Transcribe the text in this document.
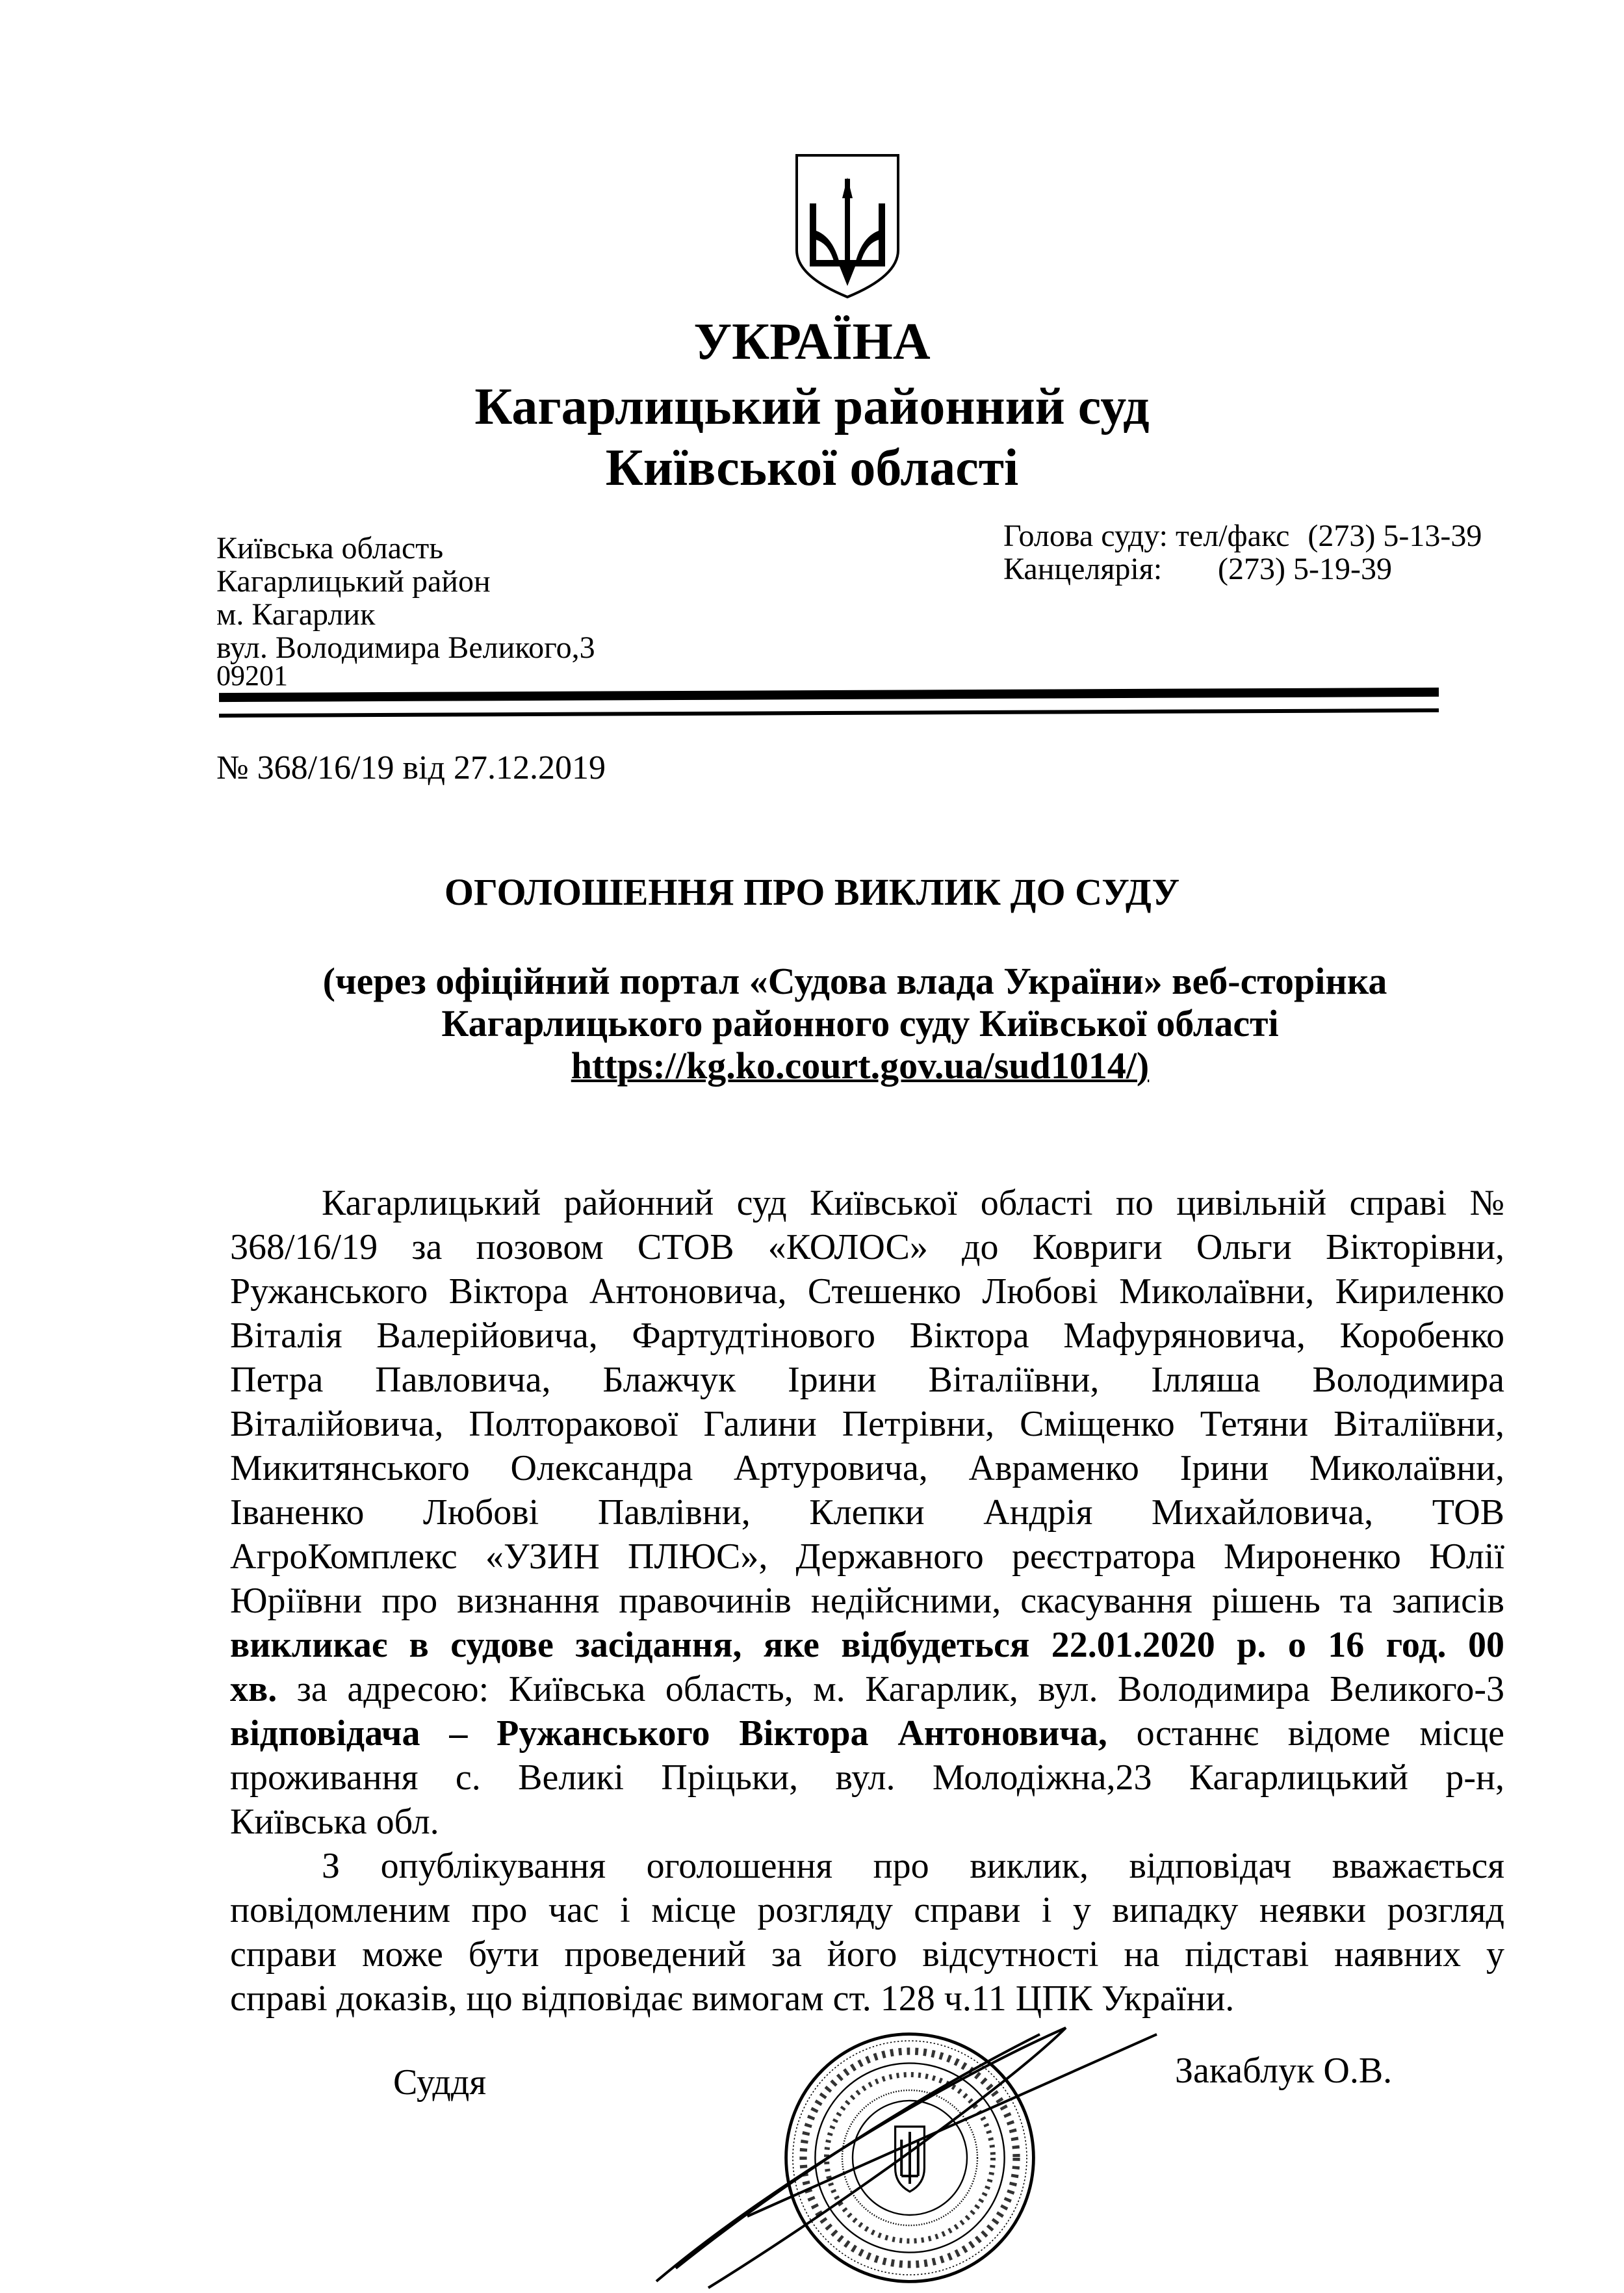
УКРАЇНА
Кагарлицький районний суд
Київської області
Київська область
Кагарлицький район
м. Кагарлик
вул. Володимира Великого,3
09201
Голова суду: тел/факс (273) 5-13-39
Канцелярія:	(273) 5-19-39
№ 368/16/19 від 27.12.2019
ОГОЛОШЕННЯ ПРО ВИКЛИК ДО СУДУ
(через офіційний портал «Судова влада України» веб-сторінка
Кагарлицького районного суду Київської області
https://kg.ko.court.gov.ua/sud1014/)
Кагарлицький районний суд Київської області по цивільній справі №
368/16/19 за позовом СТОВ «КОЛОС» до Ковриги Ольги Вікторівни,
Ружанського Віктора Антоновича, Стешенко Любові Миколаївни, Кириленко
Віталія Валерійовича, Фартудтінового Віктора Мафуряновича, Коробенко
Петра Павловича, Блажчук Ірини Віталіївни, Ілляша Володимира
Віталійовича, Полторакової Галини Петрівни, Сміщенко Тетяни Віталіївни,
Микитянського Олександра Артуровича, Авраменко Ірини Миколаївни,
Іваненко Любові Павлівни, Клепки Андрія Михайловича, ТОВ
АгроКомплекс «УЗИН ПЛЮС», Державного реєстратора Мироненко Юлії
Юріївни про визнання правочинів недійсними, скасування рішень та записів
викликає в судове засідання, яке відбудеться 22.01.2020 р. о 16 год. 00
хв. за адресою: Київська область, м. Кагарлик, вул. Володимира Великого-3
відповідача – Ружанського Віктора Антоновича, останнє відоме місце
проживання с. Великі Пріцьки, вул. Молодіжна,23 Кагарлицький р-н,
Київська обл.
З опублікування оголошення про виклик, відповідач вважається
повідомленим про час і місце розгляду справи і у випадку неявки розгляд
справи може бути проведений за його відсутності на підставі наявних у
справі доказів, що відповідає вимогам ст. 128 ч.11 ЦПК України.
Суддя	Закаблук О.В.
